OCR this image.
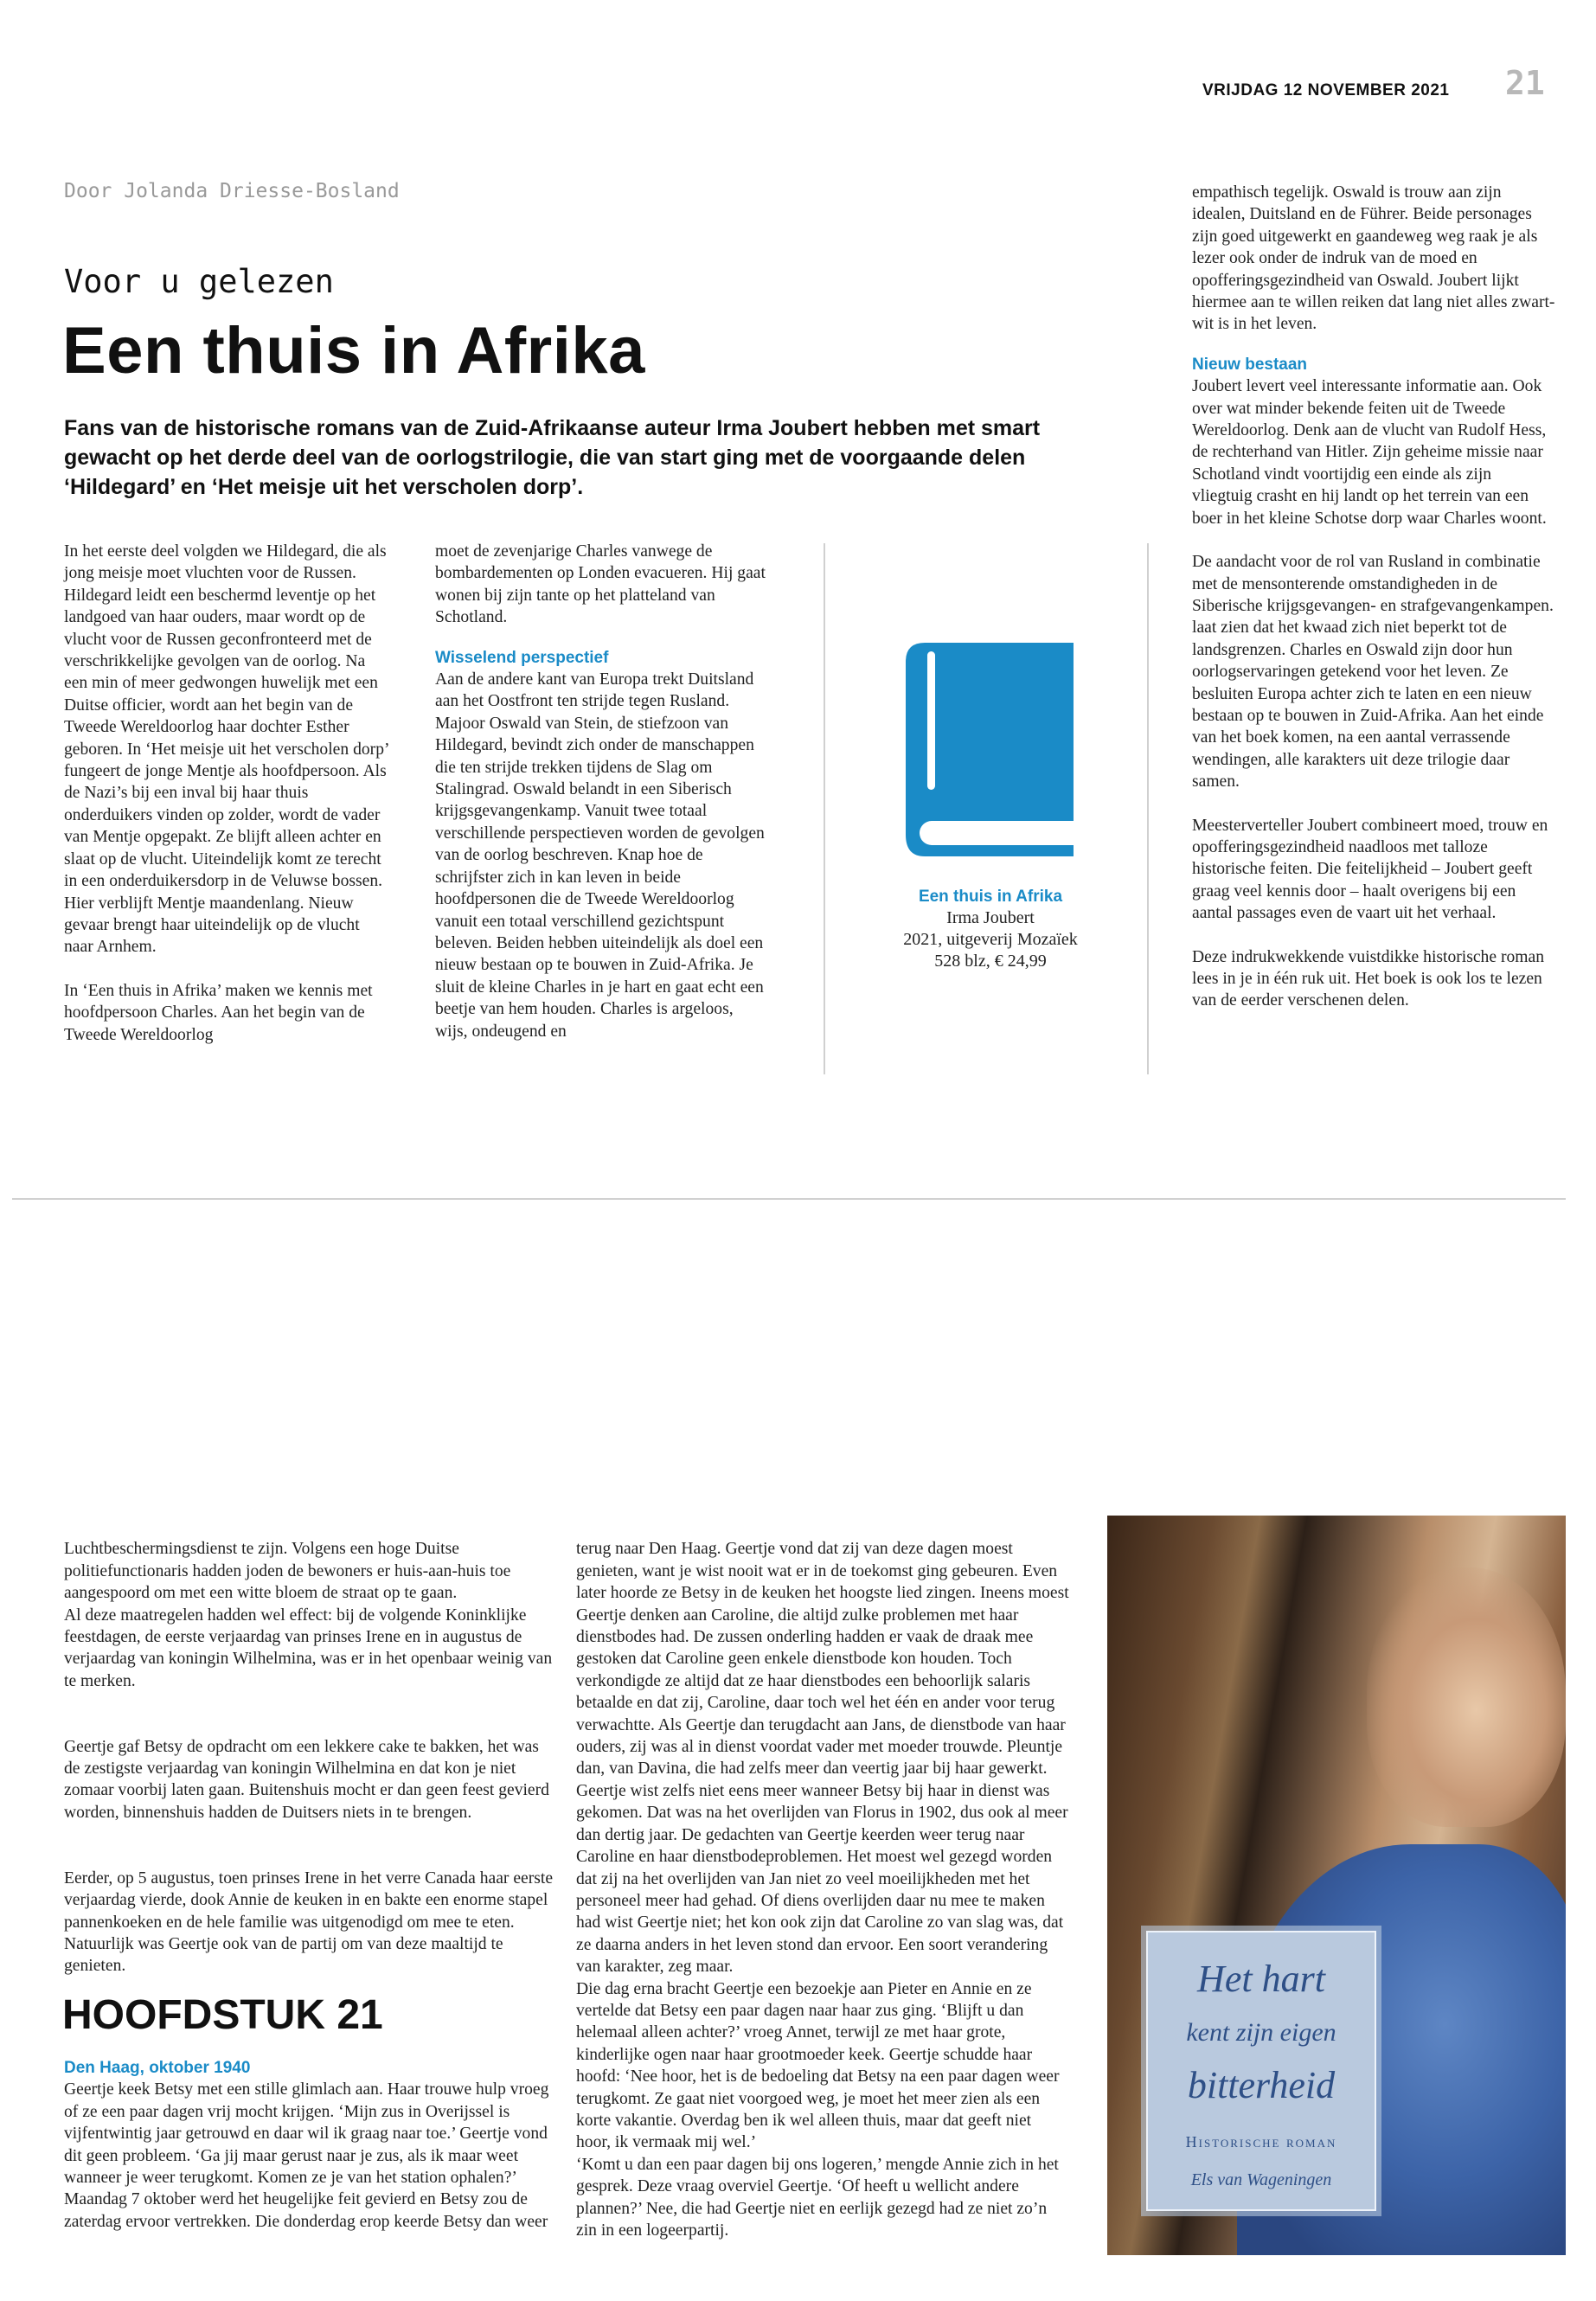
VRIJDAG 12 NOVEMBER 2021 21
Door Jolanda Driesse-Bosland
Voor u gelezen
Een thuis in Afrika
Fans van de historische romans van de Zuid-Afrikaanse auteur Irma Joubert hebben met smart gewacht op het derde deel van de oorlogstrilogie, die van start ging met de voorgaande delen ‘Hildegard’ en ‘Het meisje uit het verscholen dorp’.

In het eerste deel volgden we Hildegard, die als jong meisje moet vluchten voor de Russen. Hildegard leidt een beschermd leventje op het landgoed van haar ouders, maar wordt op de vlucht voor de Russen geconfronteerd met de verschrikkelijke gevolgen van de oorlog. Na een min of meer gedwongen huwelijk met een Duitse officier, wordt aan het begin van de Tweede Wereldoorlog haar dochter Esther geboren. In ‘Het meisje uit het verscholen dorp’ fungeert de jonge Mentje als hoofdpersoon. Als de Nazi’s bij een inval bij haar thuis onderduikers vinden op zolder, wordt de vader van Mentje opgepakt. Ze blijft alleen achter en slaat op de vlucht. Uiteindelijk komt ze terecht in een onderduikersdorp in de Veluwse bossen. Hier verblijft Mentje maandenlang. Nieuw gevaar brengt haar uiteindelijk op de vlucht naar Arnhem.

In ‘Een thuis in Afrika’ maken we kennis met hoofdpersoon Charles. Aan het begin van de Tweede Wereldoorlog

moet de zevenjarige Charles vanwege de bombardementen op Londen evacueren. Hij gaat wonen bij zijn tante op het platteland van Schotland.

Wisselend perspectief

Aan de andere kant van Europa trekt Duitsland aan het Oostfront ten strijde tegen Rusland. Majoor Oswald van Stein, de stiefzoon van Hildegard, bevindt zich onder de manschappen die ten strijde trekken tijdens de Slag om Stalingrad. Oswald belandt in een Siberisch krijgsgevangenkamp. Vanuit twee totaal verschillende perspectieven worden de gevolgen van de oorlog beschreven. Knap hoe de schrijfster zich in kan leven in beide hoofdpersonen die de Tweede Wereldoorlog vanuit een totaal verschillend gezichtspunt beleven. Beiden hebben uiteindelijk als doel een nieuw bestaan op te bouwen in Zuid-Afrika. Je sluit de kleine Charles in je hart en gaat echt een beetje van hem houden. Charles is argeloos, wijs, ondeugend en

Een thuis in Afrika
Irma Joubert
2021, uitgeverij Mozaïek
528 blz, € 24,99

empathisch tegelijk. Oswald is trouw aan zijn idealen, Duitsland en de Führer. Beide personages zijn goed uitgewerkt en gaandeweg weg raak je als lezer ook onder de indruk van de moed en opofferingsgezindheid van Oswald. Joubert lijkt hiermee aan te willen reiken dat lang niet alles zwart-wit is in het leven.

Nieuw bestaan

Joubert levert veel interessante informatie aan. Ook over wat minder bekende feiten uit de Tweede Wereldoorlog. Denk aan de vlucht van Rudolf Hess, de rechterhand van Hitler. Zijn geheime missie naar Schotland vindt voortijdig een einde als zijn vliegtuig crasht en hij landt op het terrein van een boer in het kleine Schotse dorp waar Charles woont.

De aandacht voor de rol van Rusland in combinatie met de mensonterende omstandigheden in de Siberische krijgsgevangen- en strafgevangenkampen. laat zien dat het kwaad zich niet beperkt tot de landsgrenzen. Charles en Oswald zijn door hun oorlogservaringen getekend voor het leven. Ze besluiten Europa achter zich te laten en een nieuw bestaan op te bouwen in Zuid-Afrika. Aan het einde van het boek komen, na een aantal verrassende wendingen, alle karakters uit deze trilogie daar samen.

Meesterverteller Joubert combineert moed, trouw en opofferingsgezindheid naadloos met talloze historische feiten. Die feitelijkheid – Joubert geeft graag veel kennis door – haalt overigens bij een aantal passages even de vaart uit het verhaal.

Deze indrukwekkende vuistdikke historische roman lees in je in één ruk uit. Het boek is ook los te lezen van de eerder verschenen delen.

Luchtbeschermingsdienst te zijn. Volgens een hoge Duitse politiefunctionaris hadden joden de bewoners er huis-aan-huis toe aangespoord om met een witte bloem de straat op te gaan.
Al deze maatregelen hadden wel effect: bij de volgende Koninklijke feestdagen, de eerste verjaardag van prinses Irene en in augustus de verjaardag van koningin Wilhelmina, was er in het openbaar weinig van te merken.

Geertje gaf Betsy de opdracht om een lekkere cake te bakken, het was de zestigste verjaardag van koningin Wilhelmina en dat kon je niet zomaar voorbij laten gaan. Buitenshuis mocht er dan geen feest gevierd worden, binnenshuis hadden de Duitsers niets in te brengen.

Eerder, op 5 augustus, toen prinses Irene in het verre Canada haar eerste verjaardag vierde, dook Annie de keuken in en bakte een enorme stapel pannenkoeken en de hele familie was uitgenodigd om mee te eten. Natuurlijk was Geertje ook van de partij om van deze maaltijd te genieten.

HOOFDSTUK 21
Den Haag, oktober 1940

Geertje keek Betsy met een stille glimlach aan. Haar trouwe hulp vroeg of ze een paar dagen vrij mocht krijgen. ‘Mijn zus in Overijssel is vijfentwintig jaar getrouwd en daar wil ik graag naar toe.’ Geertje vond dit geen probleem. ‘Ga jij maar gerust naar je zus, als ik maar weet wanneer je weer terugkomt. Komen ze je van het station ophalen?’ Maandag 7 oktober werd het heugelijke feit gevierd en Betsy zou de zaterdag ervoor vertrekken. Die donderdag erop keerde Betsy dan weer

terug naar Den Haag. Geertje vond dat zij van deze dagen moest genieten, want je wist nooit wat er in de toekomst ging gebeuren. Even later hoorde ze Betsy in de keuken het hoogste lied zingen. Ineens moest Geertje denken aan Caroline, die altijd zulke problemen met haar dienstbodes had. De zussen onderling hadden er vaak de draak mee gestoken dat Caroline geen enkele dienstbode kon houden. Toch verkondigde ze altijd dat ze haar dienstbodes een behoorlijk salaris betaalde en dat zij, Caroline, daar toch wel het één en ander voor terug verwachtte. Als Geertje dan terugdacht aan Jans, de dienstbode van haar ouders, zij was al in dienst voordat vader met moeder trouwde. Pleuntje dan, van Davina, die had zelfs meer dan veertig jaar bij haar gewerkt. Geertje wist zelfs niet eens meer wanneer Betsy bij haar in dienst was gekomen. Dat was na het overlijden van Florus in 1902, dus ook al meer dan dertig jaar. De gedachten van Geertje keerden weer terug naar Caroline en haar dienstbodeproblemen. Het moest wel gezegd worden dat zij na het overlijden van Jan niet zo veel moeilijkheden met het personeel meer had gehad. Of diens overlijden daar nu mee te maken had wist Geertje niet; het kon ook zijn dat Caroline zo van slag was, dat ze daarna anders in het leven stond dan ervoor. Een soort verandering van karakter, zeg maar.
Die dag erna bracht Geertje een bezoekje aan Pieter en Annie en ze vertelde dat Betsy een paar dagen naar haar zus ging. ‘Blijft u dan helemaal alleen achter?’ vroeg Annet, terwijl ze met haar grote, kinderlijke ogen naar haar grootmoeder keek. Geertje schudde haar hoofd: ‘Nee hoor, het is de bedoeling dat Betsy na een paar dagen weer terugkomt. Ze gaat niet voorgoed weg, je moet het meer zien als een korte vakantie. Overdag ben ik wel alleen thuis, maar dat geeft niet hoor, ik vermaak mij wel.’
‘Komt u dan een paar dagen bij ons logeren,’ mengde Annie zich in het gesprek. Deze vraag overviel Geertje. ‘Of heeft u wellicht andere plannen?’ Nee, die had Geertje niet en eerlijk gezegd had ze niet zo’n zin in een logeerpartij.

Het hart
kent zijn eigen
bitterheid
Historische roman
Els van Wageningen
